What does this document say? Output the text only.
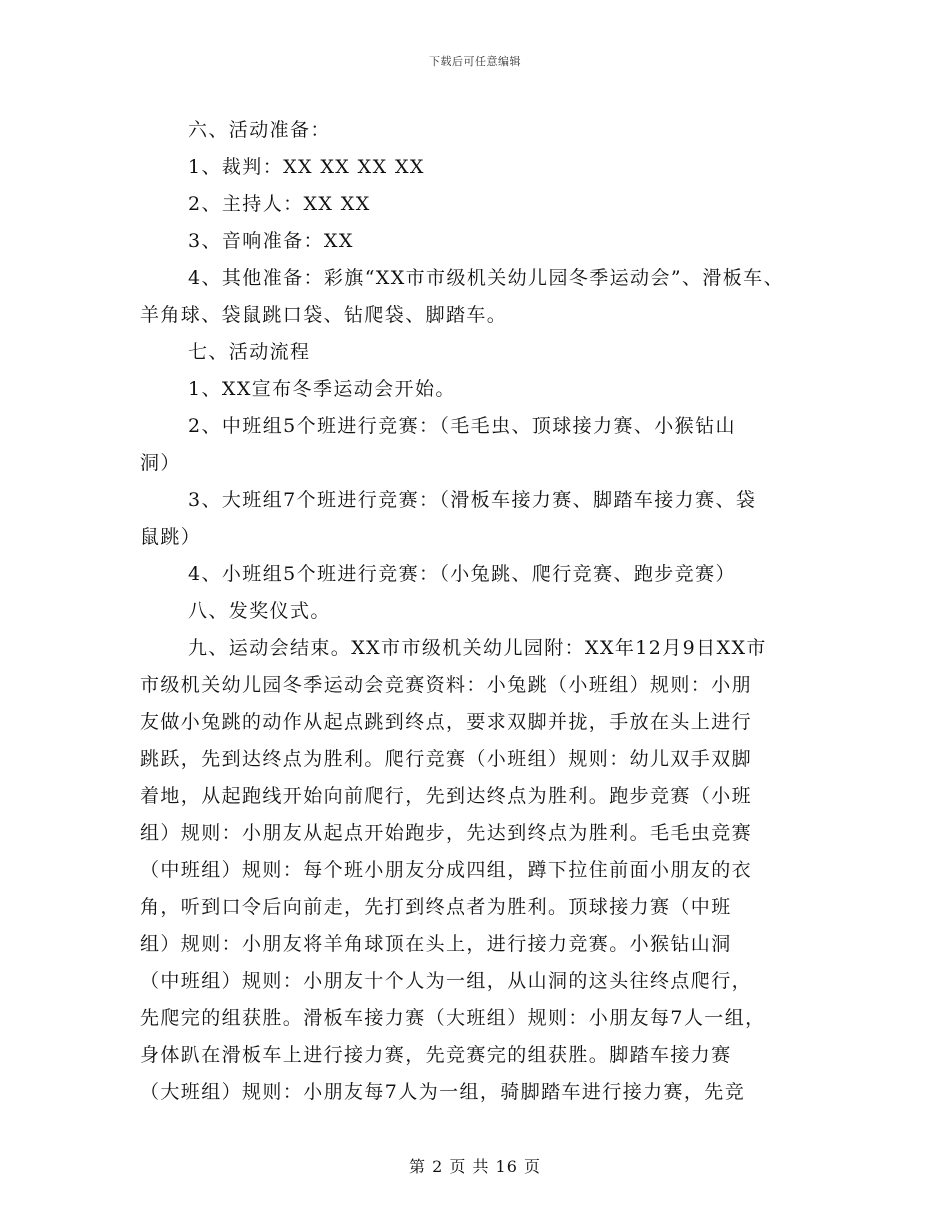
下载后可任意编辑
六、活动准备：
1、裁判：XX XX XX XX
2、主持人：XX XX
3、音响准备：XX
4、其他准备：彩旗“XX市市级机关幼儿园冬季运动会”、滑板车、
羊角球、袋鼠跳口袋、钻爬袋、脚踏车。
七、活动流程
1、XX宣布冬季运动会开始。
2、中班组5个班进行竞赛：（毛毛虫、顶球接力赛、小猴钻山
洞）
3、大班组7个班进行竞赛：（滑板车接力赛、脚踏车接力赛、袋
鼠跳）
4、小班组5个班进行竞赛：（小兔跳、爬行竞赛、跑步竞赛）
八、发奖仪式。
九、运动会结束。XX市市级机关幼儿园附：XX年12月9日XX市
市级机关幼儿园冬季运动会竞赛资料：小兔跳（小班组）规则：小朋
友做小兔跳的动作从起点跳到终点，要求双脚并拢，手放在头上进行
跳跃，先到达终点为胜利。爬行竞赛（小班组）规则：幼儿双手双脚
着地，从起跑线开始向前爬行，先到达终点为胜利。跑步竞赛（小班
组）规则：小朋友从起点开始跑步，先达到终点为胜利。毛毛虫竞赛
（中班组）规则：每个班小朋友分成四组，蹲下拉住前面小朋友的衣
角，听到口令后向前走，先打到终点者为胜利。顶球接力赛（中班
组）规则：小朋友将羊角球顶在头上，进行接力竞赛。小猴钻山洞
（中班组）规则：小朋友十个人为一组，从山洞的这头往终点爬行，
先爬完的组获胜。滑板车接力赛（大班组）规则：小朋友每7人一组，
身体趴在滑板车上进行接力赛，先竞赛完的组获胜。脚踏车接力赛
（大班组）规则：小朋友每7人为一组，骑脚踏车进行接力赛，先竞
第 2 页 共 16 页
